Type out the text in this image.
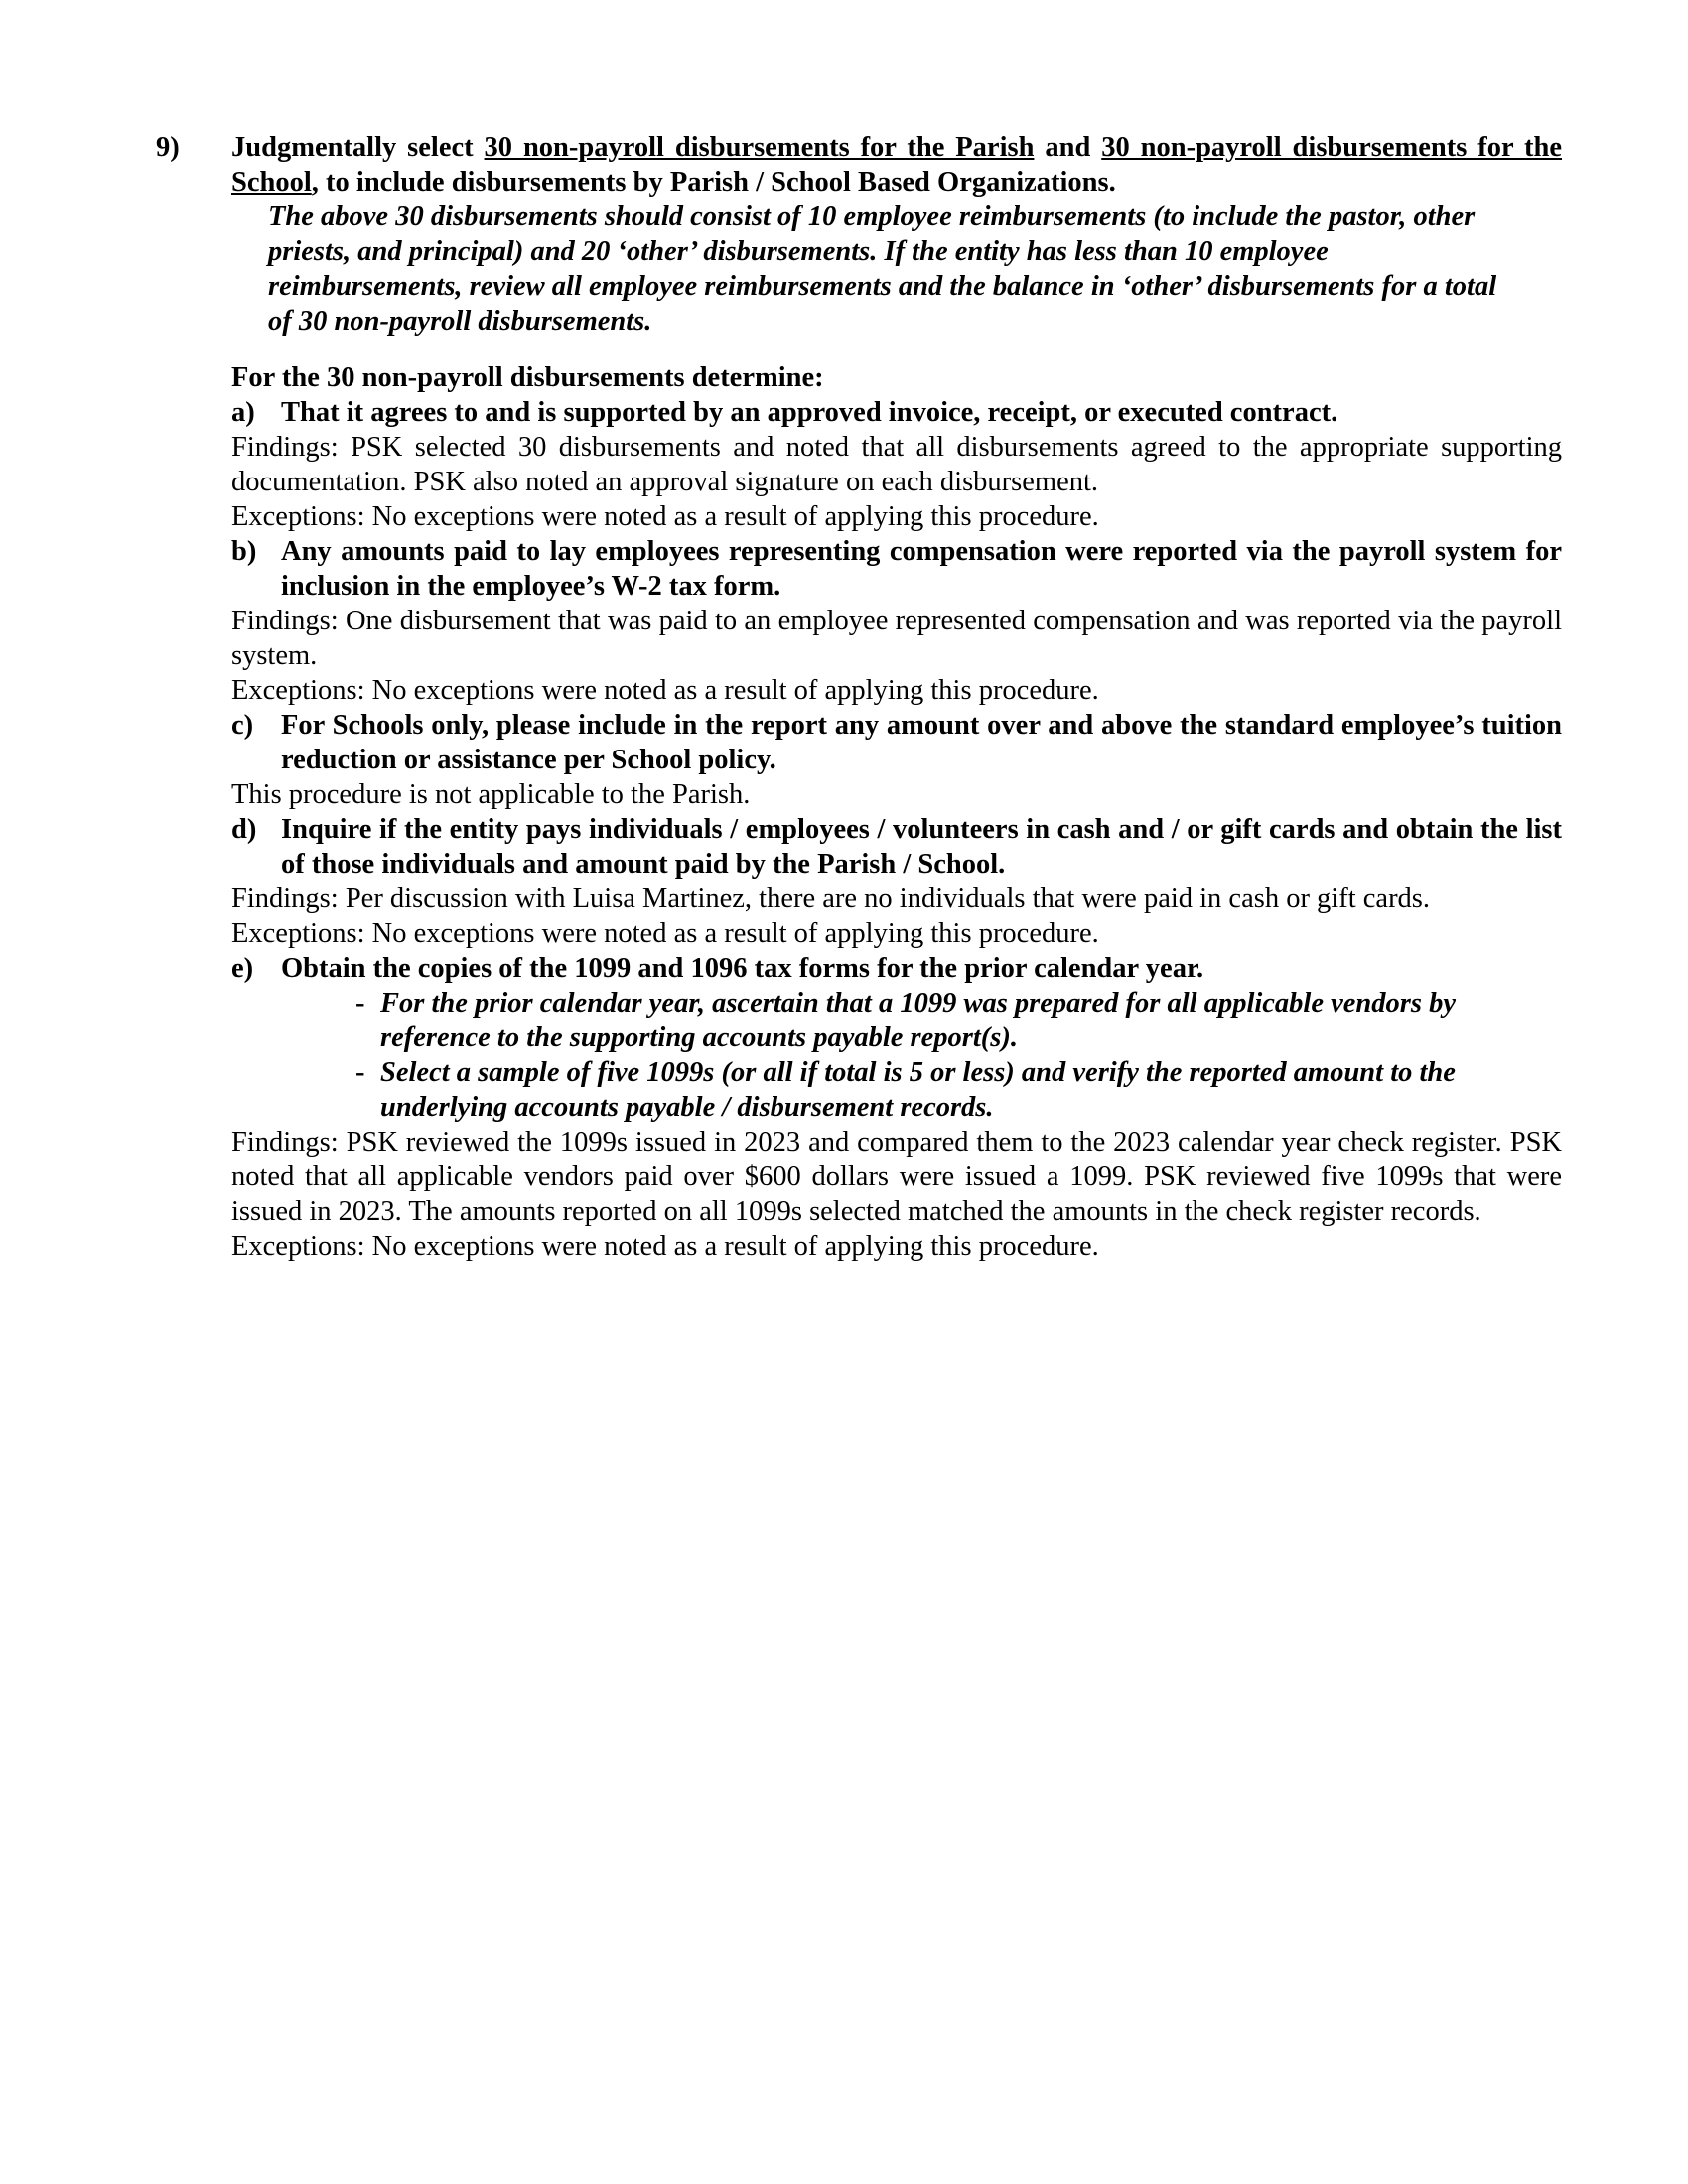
9) Judgmentally select 30 non-payroll disbursements for the Parish and 30 non-payroll disbursements for the School, to include disbursements by Parish / School Based Organizations.

The above 30 disbursements should consist of 10 employee reimbursements (to include the pastor, other priests, and principal) and 20 ‘other’ disbursements. If the entity has less than 10 employee reimbursements, review all employee reimbursements and the balance in ‘other’ disbursements for a total of 30 non-payroll disbursements.

For the 30 non-payroll disbursements determine:

a) That it agrees to and is supported by an approved invoice, receipt, or executed contract.

Findings: PSK selected 30 disbursements and noted that all disbursements agreed to the appropriate supporting documentation. PSK also noted an approval signature on each disbursement.

Exceptions: No exceptions were noted as a result of applying this procedure.

b) Any amounts paid to lay employees representing compensation were reported via the payroll system for inclusion in the employee’s W-2 tax form.

Findings: One disbursement that was paid to an employee represented compensation and was reported via the payroll system.

Exceptions: No exceptions were noted as a result of applying this procedure.

c) For Schools only, please include in the report any amount over and above the standard employee’s tuition reduction or assistance per School policy.

This procedure is not applicable to the Parish.

d) Inquire if the entity pays individuals / employees / volunteers in cash and / or gift cards and obtain the list of those individuals and amount paid by the Parish / School.

Findings: Per discussion with Luisa Martinez, there are no individuals that were paid in cash or gift cards.

Exceptions: No exceptions were noted as a result of applying this procedure.

e) Obtain the copies of the 1099 and 1096 tax forms for the prior calendar year.
- For the prior calendar year, ascertain that a 1099 was prepared for all applicable vendors by reference to the supporting accounts payable report(s).
- Select a sample of five 1099s (or all if total is 5 or less) and verify the reported amount to the underlying accounts payable / disbursement records.

Findings: PSK reviewed the 1099s issued in 2023 and compared them to the 2023 calendar year check register. PSK noted that all applicable vendors paid over $600 dollars were issued a 1099. PSK reviewed five 1099s that were issued in 2023. The amounts reported on all 1099s selected matched the amounts in the check register records.

Exceptions: No exceptions were noted as a result of applying this procedure.
